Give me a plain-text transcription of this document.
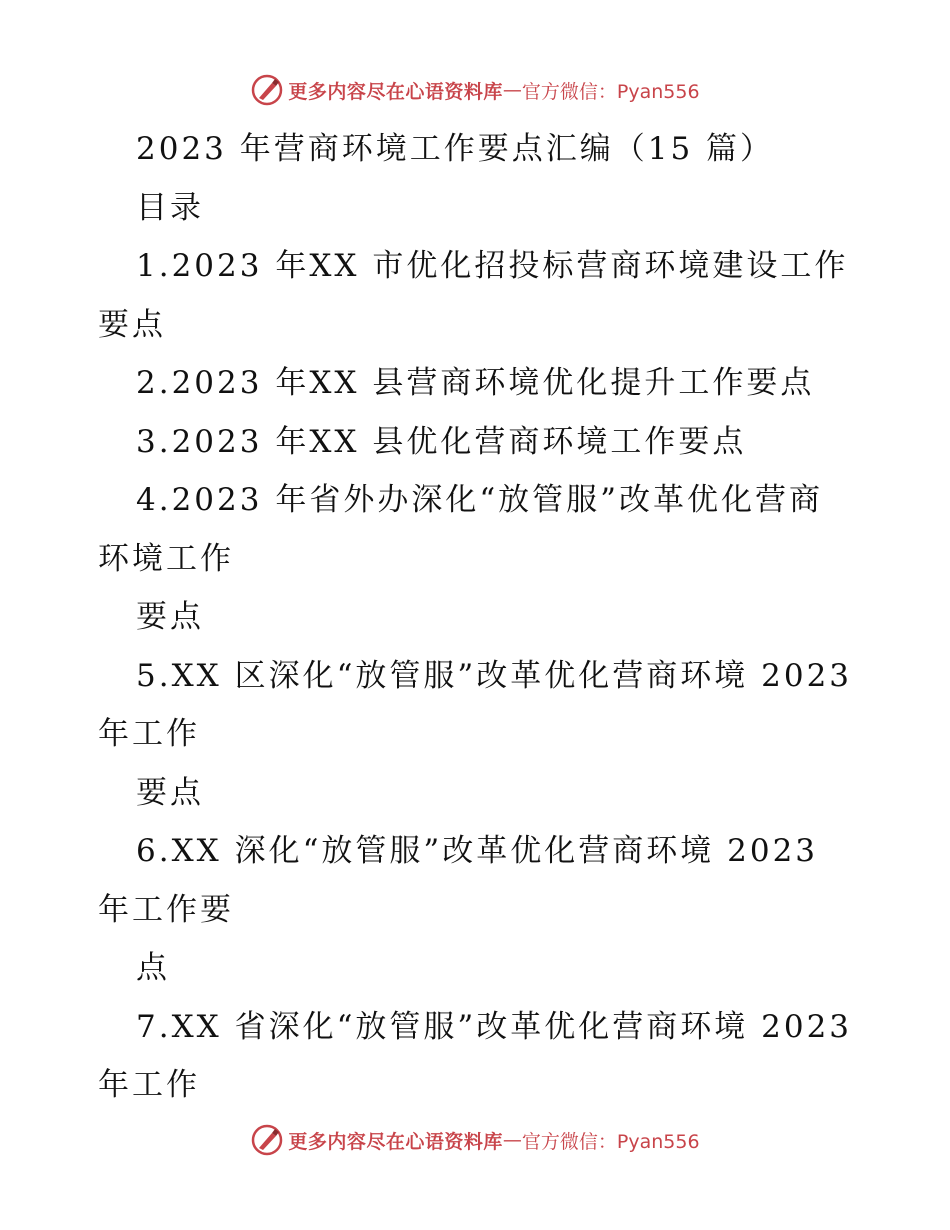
更多内容尽在心语资料库 — 官方微信：Pyan556
2023 年营商环境工作要点汇编（15 篇）
目录
1.2023 年XX 市优化招投标营商环境建设工作
要点
2.2023 年XX 县营商环境优化提升工作要点
3.2023 年XX 县优化营商环境工作要点
4.2023 年省外办深化“放管服”改革优化营商
环境工作
要点
5.XX 区深化“放管服”改革优化营商环境 2023
年工作
要点
6.XX 深化“放管服”改革优化营商环境 2023
年工作要
点
7.XX 省深化“放管服”改革优化营商环境 2023
年工作
更多内容尽在心语资料库 — 官方微信：Pyan556
